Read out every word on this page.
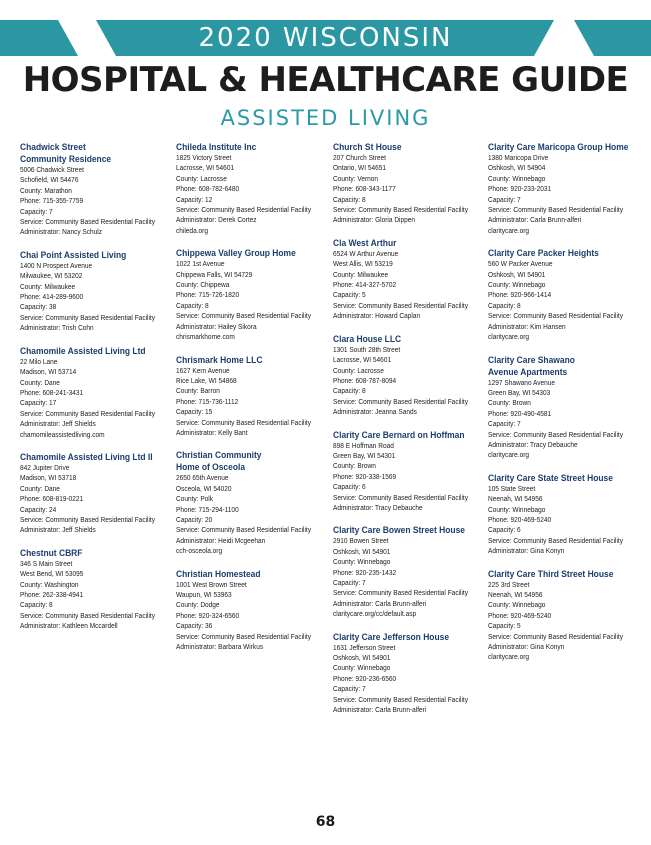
2020 WISCONSIN
HOSPITAL & HEALTHCARE GUIDE
ASSISTED LIVING
Chadwick Street
Community Residence
5006 Chadwick Street
Schofield, WI 54476
County: Marathon
Phone: 715-355-7759
Capacity: 7
Service: Community Based Residential Facility
Administrator: Nancy Schulz
Chai Point Assisted Living
1400 N Prospect Avenue
Milwaukee, WI 53202
County: Milwaukee
Phone: 414-289-9600
Capacity: 38
Service: Community Based Residential Facility
Administrator: Trish Cohn
Chamomile Assisted Living Ltd
22 Milo Lane
Madison, WI 53714
County: Dane
Phone: 608-241-3431
Capacity: 17
Service: Community Based Residential Facility
Administrator: Jeff Shields
chamomileassistedliving.com
Chamomile Assisted Living Ltd II
842 Jupiter Drive
Madison, WI 53718
County: Dane
Phone: 608-819-0221
Capacity: 24
Service: Community Based Residential Facility
Administrator: Jeff Shields
Chestnut CBRF
346 S Main Street
West Bend, WI 53095
County: Washington
Phone: 262-338-4941
Capacity: 8
Service: Community Based Residential Facility
Administrator: Kathleen Mccardell
Chileda Institute Inc
1825 Victory Street
Lacrosse, WI 54601
County: Lacrosse
Phone: 608-782-6480
Capacity: 12
Service: Community Based Residential Facility
Administrator: Derek Cortez
chileda.org
Chippewa Valley Group Home
1022 1st Avenue
Chippewa Falls, WI 54729
County: Chippewa
Phone: 715-726-1820
Capacity: 8
Service: Community Based Residential Facility
Administrator: Hailey Sikora
chrismarkhome.com
Chrismark Home LLC
1627 Kern Avenue
Rice Lake, WI 54868
County: Barron
Phone: 715-736-1112
Capacity: 15
Service: Community Based Residential Facility
Administrator: Kelly Bant
Christian Community
Home of Osceola
2650 65th Avenue
Osceola, WI 54020
County: Polk
Phone: 715-294-1100
Capacity: 20
Service: Community Based Residential Facility
Administrator: Heidi Mcgeehan
cch-osceola.org
Christian Homestead
1001 West Brown Street
Waupun, WI 53963
County: Dodge
Phone: 920-324-6560
Capacity: 36
Service: Community Based Residential Facility
Administrator: Barbara Wirkus
Church St House
207 Church Street
Ontario, WI 54651
County: Vernon
Phone: 608-343-1177
Capacity: 8
Service: Community Based Residential Facility
Administrator: Gloria Dippen
Cla West Arthur
6524 W Arthur Avenue
West Allis, WI 53219
County: Milwaukee
Phone: 414-327-5702
Capacity: 5
Service: Community Based Residential Facility
Administrator: Howard Caplan
Clara House LLC
1301 South 28th Street
Lacrosse, WI 54601
County: Lacrosse
Phone: 608-787-8094
Capacity: 8
Service: Community Based Residential Facility
Administrator: Jeanna Sands
Clarity Care Bernard on Hoffman
898 E Hoffman Road
Green Bay, WI 54301
County: Brown
Phone: 920-338-1569
Capacity: 6
Service: Community Based Residential Facility
Administrator: Tracy Debauche
Clarity Care Bowen Street House
2910 Bowen Street
Oshkosh, WI 54901
County: Winnebago
Phone: 920-235-1432
Capacity: 7
Service: Community Based Residential Facility
Administrator: Carla Brunn-alferi
claritycare.org/cc/default.asp
Clarity Care Jefferson House
1631 Jefferson Street
Oshkosh, WI 54901
County: Winnebago
Phone: 920-236-6560
Capacity: 7
Service: Community Based Residential Facility
Administrator: Carla Brunn-alferi
Clarity Care Maricopa Group Home
1380 Maricopa Drive
Oshkosh, WI 54904
County: Winnebago
Phone: 920-233-2031
Capacity: 7
Service: Community Based Residential Facility
Administrator: Carla Brunn-alferi
claritycare.org
Clarity Care Packer Heights
560 W Packer Avenue
Oshkosh, WI 54901
County: Winnebago
Phone: 920-966-1414
Capacity: 8
Service: Community Based Residential Facility
Administrator: Kim Hansen
claritycare.org
Clarity Care Shawano
Avenue Apartments
1297 Shawano Avenue
Green Bay, WI 54303
County: Brown
Phone: 920-490-4581
Capacity: 7
Service: Community Based Residential Facility
Administrator: Tracy Debauche
claritycare.org
Clarity Care State Street House
105 State Street
Neenah, WI 54956
County: Winnebago
Phone: 920-469-5240
Capacity: 6
Service: Community Based Residential Facility
Administrator: Gina Konyn
Clarity Care Third Street House
225 3rd Street
Neenah, WI 54956
County: Winnebago
Phone: 920-469-5240
Capacity: 5
Service: Community Based Residential Facility
Administrator: Gina Konyn
claritycare.org
68
